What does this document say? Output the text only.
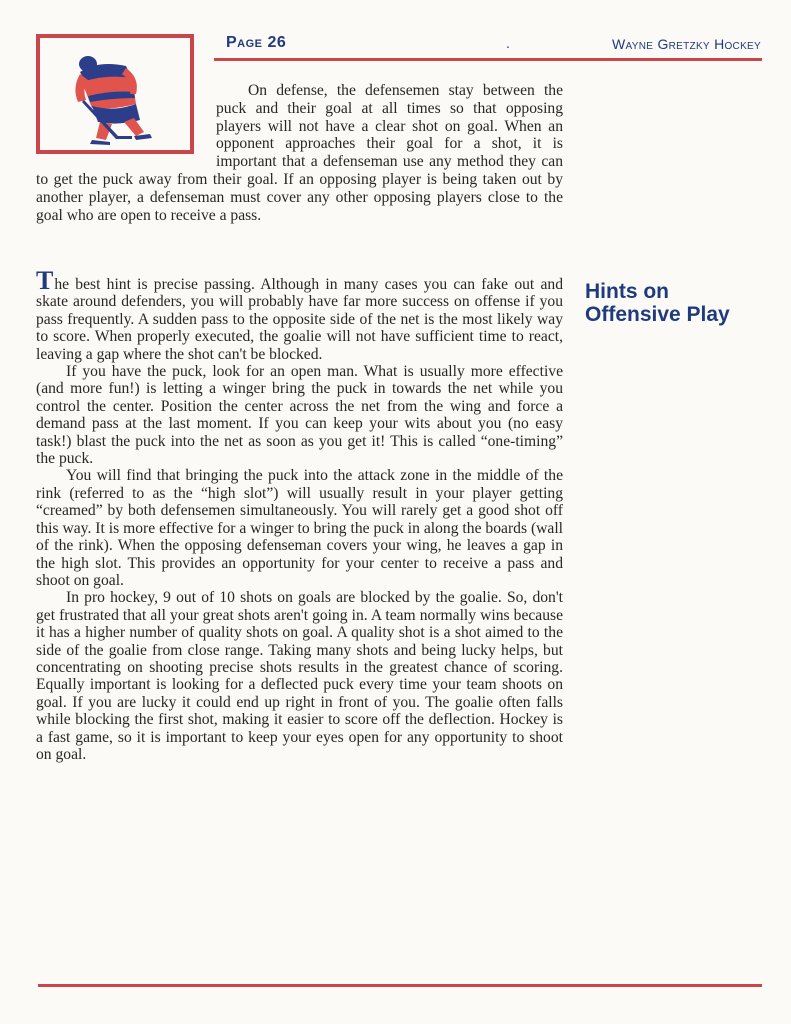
Page 26	.	Wayne Gretzky Hockey

On defense, the defensemen stay between the puck and their goal at all times so that opposing players will not have a clear shot on goal. When an opponent approaches their goal for a shot, it is important that a defenseman use any method they can to get the puck away from their goal. If an opposing player is being taken out by another player, a defenseman must cover any other opposing players close to the goal who are open to receive a pass.

Hints on Offensive Play

The best hint is precise passing. Although in many cases you can fake out and skate around defenders, you will probably have far more success on offense if you pass frequently. A sudden pass to the opposite side of the net is the most likely way to score. When properly executed, the goalie will not have sufficient time to react, leaving a gap where the shot can't be blocked.

If you have the puck, look for an open man. What is usually more effective (and more fun!) is letting a winger bring the puck in towards the net while you control the center. Position the center across the net from the wing and force a demand pass at the last moment. If you can keep your wits about you (no easy task!) blast the puck into the net as soon as you get it! This is called “one-timing” the puck.

You will find that bringing the puck into the attack zone in the middle of the rink (referred to as the “high slot”) will usually result in your player getting “creamed” by both defensemen simultaneously. You will rarely get a good shot off this way. It is more effective for a winger to bring the puck in along the boards (wall of the rink). When the opposing defenseman covers your wing, he leaves a gap in the high slot. This provides an opportunity for your center to receive a pass and shoot on goal.

In pro hockey, 9 out of 10 shots on goals are blocked by the goalie. So, don't get frustrated that all your great shots aren't going in. A team normally wins because it has a higher number of quality shots on goal. A quality shot is a shot aimed to the side of the goalie from close range. Taking many shots and being lucky helps, but concentrating on shooting precise shots results in the greatest chance of scoring. Equally important is looking for a deflected puck every time your team shoots on goal. If you are lucky it could end up right in front of you. The goalie often falls while blocking the first shot, making it easier to score off the deflection. Hockey is a fast game, so it is important to keep your eyes open for any opportunity to shoot on goal.
